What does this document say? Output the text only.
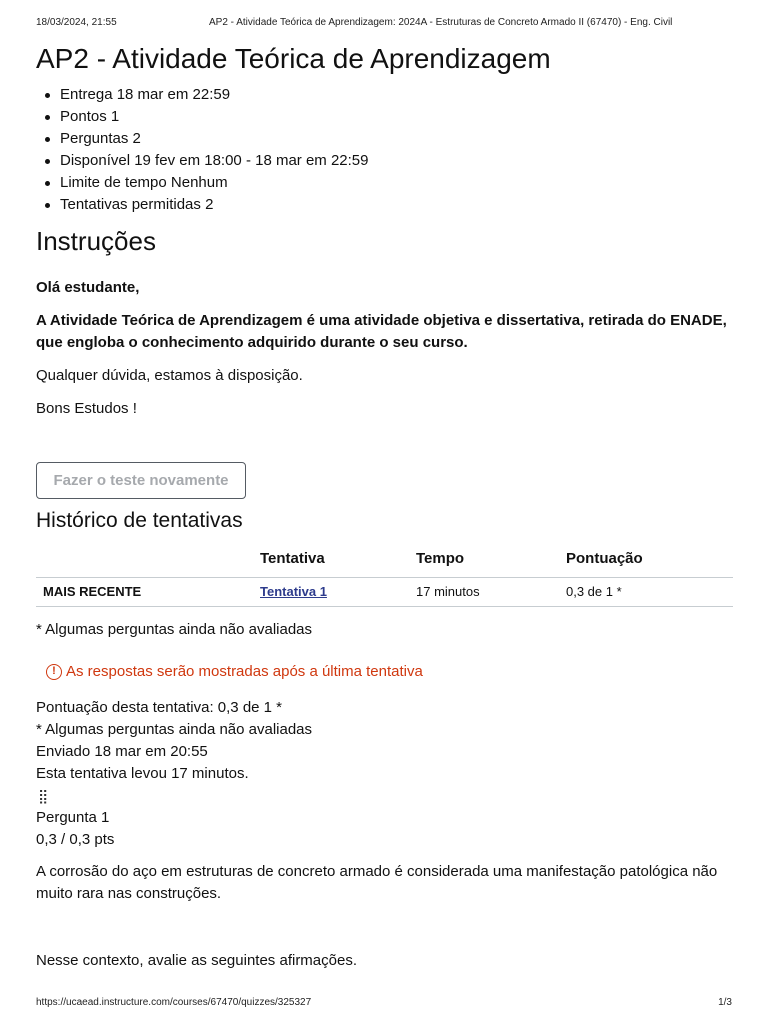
18/03/2024, 21:55	AP2 - Atividade Teórica de Aprendizagem: 2024A - Estruturas de Concreto Armado II (67470) - Eng. Civil
AP2 - Atividade Teórica de Aprendizagem
Entrega 18 mar em 22:59
Pontos 1
Perguntas 2
Disponível 19 fev em 18:00 - 18 mar em 22:59
Limite de tempo Nenhum
Tentativas permitidas 2
Instruções

Olá estudante,

A Atividade Teórica de Aprendizagem é uma atividade objetiva e dissertativa, retirada do ENADE, que engloba o conhecimento adquirido durante o seu curso.

Qualquer dúvida, estamos à disposição.

Bons Estudos !

Fazer o teste novamente
Histórico de tentativas
	Tentativa	Tempo	Pontuação
MAIS RECENTE	Tentativa 1	17 minutos	0,3 de 1 *

* Algumas perguntas ainda não avaliadas

! As respostas serão mostradas após a última tentativa
Pontuação desta tentativa: 0,3 de 1 *
* Algumas perguntas ainda não avaliadas
Enviado 18 mar em 20:55
Esta tentativa levou 17 minutos.
⣿
Pergunta 1
0,3 / 0,3 pts

A corrosão do aço em estruturas de concreto armado é considerada uma manifestação patológica não muito rara nas construções.

Nesse contexto, avalie as seguintes afirmações.

https://ucaead.instructure.com/courses/67470/quizzes/325327	1/3
